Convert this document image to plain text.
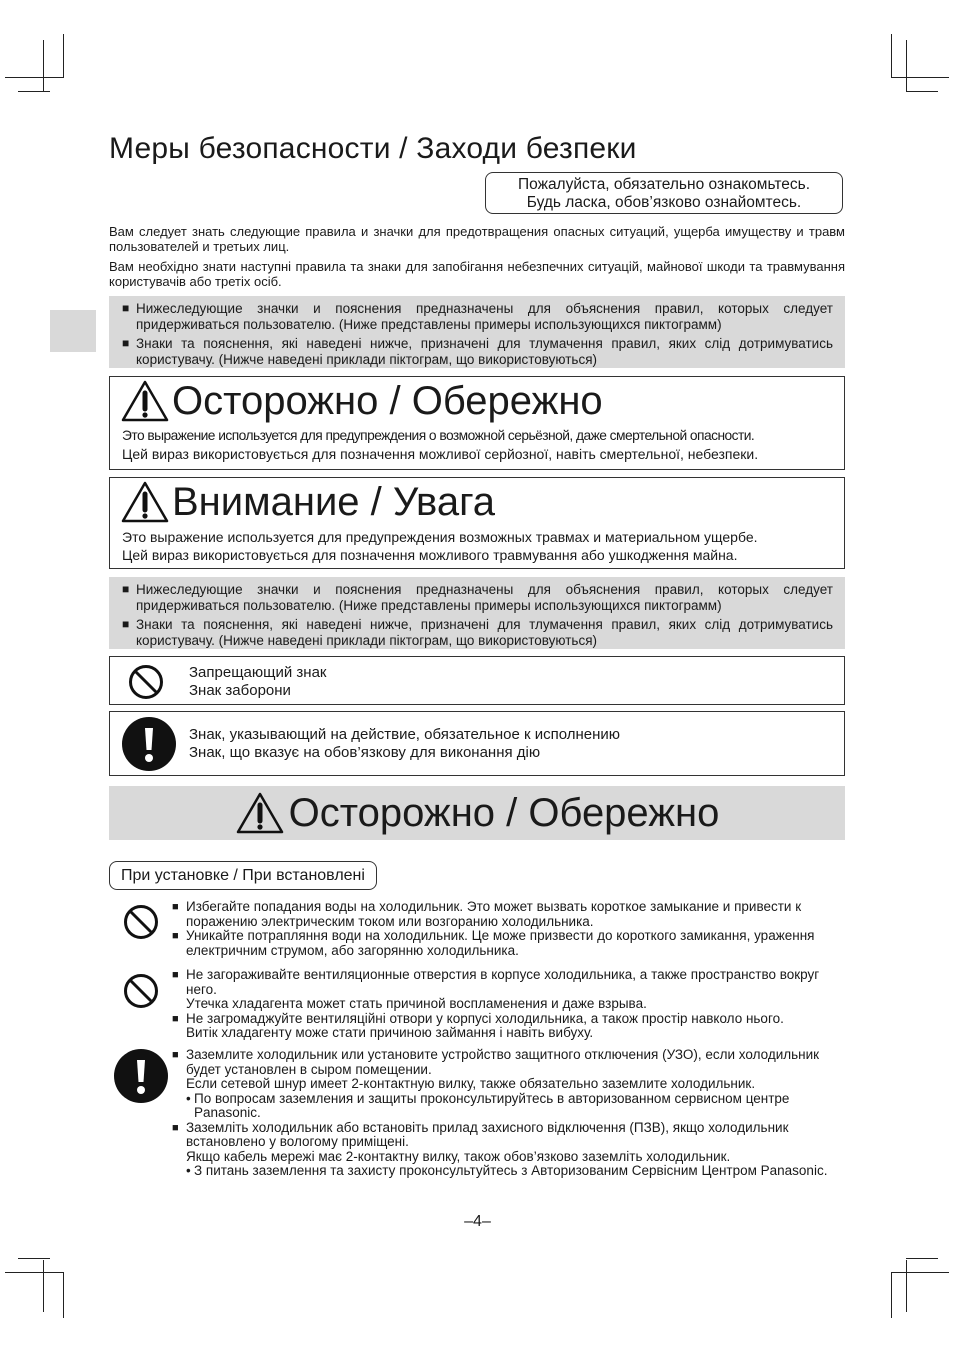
Меры безопасности / Заходи безпеки
Пожалуйста, обязательно ознакомьтесь.
Будь ласка, обов’язково ознайомтесь.
Вам следует знать следующие правила и значки для предотвращения опасных ситуаций, ущерба имуществу и травм пользователей и третьих лиц.
Вам необхідно знати наступні правила та знаки для запобігання небезпечних ситуацій, майнової шкоди та травмування користувачів або третіх осіб.
■ Нижеследующие значки и пояснения предназначены для объяснения правил, которых следует придерживаться пользователю. (Ниже представлены примеры использующихся пиктограмм)
■ Знаки та пояснення, які наведені нижче, призначені для тлумачення правил, яких слід дотримуватись користувачу. (Нижче наведені приклади піктограм, що використовуються)
Осторожно / Обережно
Это выражение используется для предупреждения о возможной серьёзной, даже смертельной опасности.
Цей вираз використовується для позначення можливої серйозної, навіть смертельної, небезпеки.
Внимание / Увага
Это выражение используется для предупреждения возможных травмах и материальном ущербе.
Цей вираз використовується для позначення можливого травмування або ушкодження майна.
■ Нижеследующие значки и пояснения предназначены для объяснения правил, которых следует придерживаться пользователю. (Ниже представлены примеры использующихся пиктограмм)
■ Знаки та пояснення, які наведені нижче, призначені для тлумачення правил, яких слід дотримуватись користувачу. (Нижче наведені приклади піктограм, що використовуються)
Запрещающий знак
Знак заборони
Знак, указывающий на действие, обязательное к исполнению
Знак, що вказує на обов’язкову для виконання дію
Осторожно / Обережно
При установке / При встановлені
■ Избегайте попадания воды на холодильник. Это может вызвать короткое замыкание и привести к поражению электрическим током или возгоранию холодильника.
■ Уникайте потрапляння води на холодильник. Це може призвести до короткого замикання, ураження електричним струмом, або загорянню холодильника.
■ Не загораживайте вентиляционные отверстия в корпусе холодильника, а также пространство вокруг него.
Утечка хладагента может стать причиной воспламенения и даже взрыва.
■ Не загромаджуйте вентиляційні отвори у корпусі холодильника, а також простір навколо нього.
Витік хладагенту може стати причиною займання і навіть вибуху.
■ Заземлите холодильник или установите устройство защитного отключения (УЗО), если холодильник будет установлен в сыром помещении.
Если сетевой шнур имеет 2-контактную вилку, также обязательно заземлите холодильник.
• По вопросам заземления и защиты проконсультируйтесь в авторизованном сервисном центре Panasonic.
■ Заземліть холодильник або встановіть прилад захисного відключення (ПЗВ), якщо холодильник встановлено у вологому приміщені.
Якщо кабель мережі має 2-контактну вилку, також обов’язково заземліть холодильник.
• З питань заземлення та захисту проконсультуйтесь з Авторизованим Сервісним Центром Panasonic.
–4–
